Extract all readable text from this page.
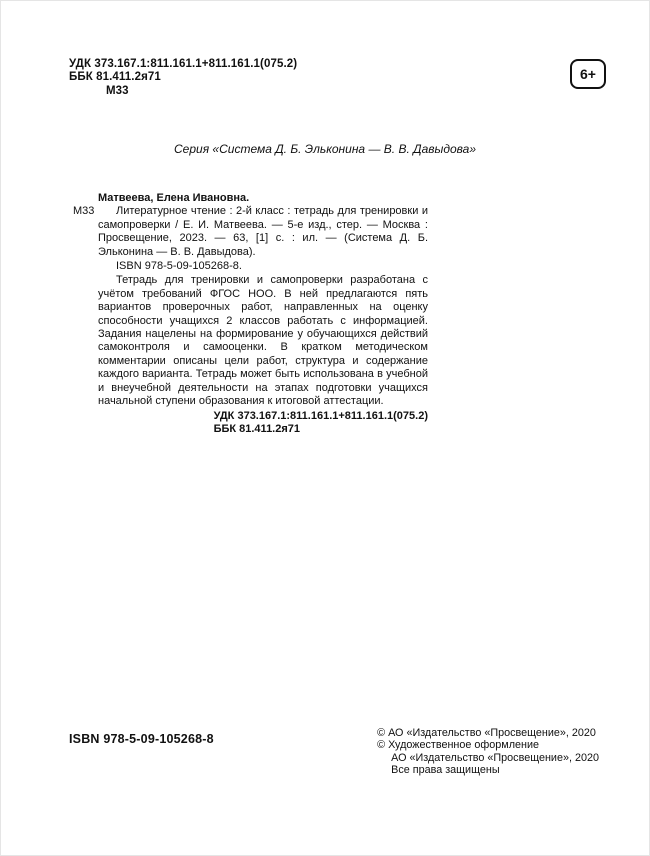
УДК 373.167.1:811.161.1+811.161.1(075.2)
ББК 81.411.2я71
М33
6+
Серия «Система Д. Б. Эльконина — В. В. Давыдова»
Матвеева, Елена Ивановна.
М33	Литературное чтение : 2-й класс : тетрадь для тренировки и самопроверки / Е. И. Матвеева. — 5-е изд., стер. — Москва : Просвещение, 2023. — 63, [1] с. : ил. — (Система Д. Б. Эльконина — В. В. Давыдова).

ISBN 978-5-09-105268-8.

Тетрадь для тренировки и самопроверки разработана с учётом требований ФГОС НОО. В ней предлагаются пять вариантов проверочных работ, направленных на оценку способности учащихся 2 классов работать с информацией. Задания нацелены на формирование у обучающихся действий самоконтроля и самооценки. В кратком методическом комментарии описаны цели работ, структура и содержание каждого варианта. Тетрадь может быть использована в учебной и внеучебной деятельности на этапах подготовки учащихся начальной ступени образования к итоговой аттестации.

УДК 373.167.1:811.161.1+811.161.1(075.2)
ББК 81.411.2я71
ISBN 978-5-09-105268-8	© АО «Издательство «Просвещение», 2020
© Художественное оформление
АО «Издательство «Просвещение», 2020
Все права защищены
